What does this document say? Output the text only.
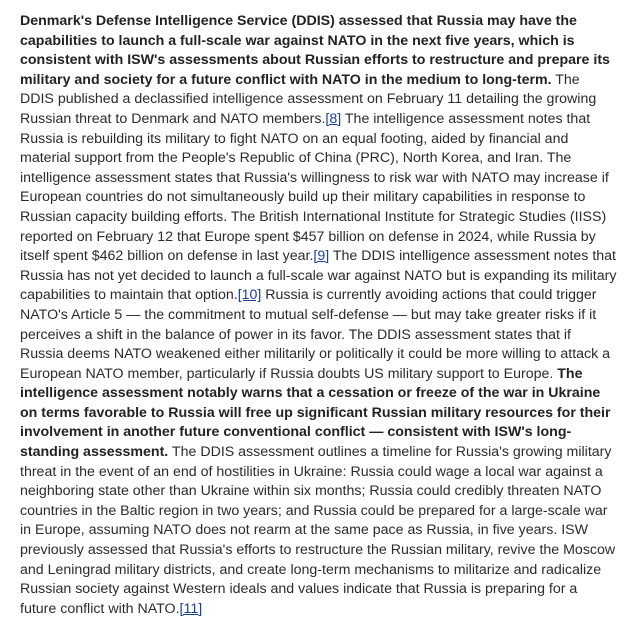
Denmark's Defense Intelligence Service (DDIS) assessed that Russia may have the capabilities to launch a full-scale war against NATO in the next five years, which is consistent with ISW's assessments about Russian efforts to restructure and prepare its military and society for a future conflict with NATO in the medium to long-term. The DDIS published a declassified intelligence assessment on February 11 detailing the growing Russian threat to Denmark and NATO members.[8] The intelligence assessment notes that Russia is rebuilding its military to fight NATO on an equal footing, aided by financial and material support from the People's Republic of China (PRC), North Korea, and Iran. The intelligence assessment states that Russia's willingness to risk war with NATO may increase if European countries do not simultaneously build up their military capabilities in response to Russian capacity building efforts. The British International Institute for Strategic Studies (IISS) reported on February 12 that Europe spent $457 billion on defense in 2024, while Russia by itself spent $462 billion on defense in last year.[9] The DDIS intelligence assessment notes that Russia has not yet decided to launch a full-scale war against NATO but is expanding its military capabilities to maintain that option.[10] Russia is currently avoiding actions that could trigger NATO's Article 5 — the commitment to mutual self-defense — but may take greater risks if it perceives a shift in the balance of power in its favor. The DDIS assessment states that if Russia deems NATO weakened either militarily or politically it could be more willing to attack a European NATO member, particularly if Russia doubts US military support to Europe. The intelligence assessment notably warns that a cessation or freeze of the war in Ukraine on terms favorable to Russia will free up significant Russian military resources for their involvement in another future conventional conflict — consistent with ISW's long-standing assessment. The DDIS assessment outlines a timeline for Russia's growing military threat in the event of an end of hostilities in Ukraine: Russia could wage a local war against a neighboring state other than Ukraine within six months; Russia could credibly threaten NATO countries in the Baltic region in two years; and Russia could be prepared for a large-scale war in Europe, assuming NATO does not rearm at the same pace as Russia, in five years. ISW previously assessed that Russia's efforts to restructure the Russian military, revive the Moscow and Leningrad military districts, and create long-term mechanisms to militarize and radicalize Russian society against Western ideals and values indicate that Russia is preparing for a future conflict with NATO.[11]
